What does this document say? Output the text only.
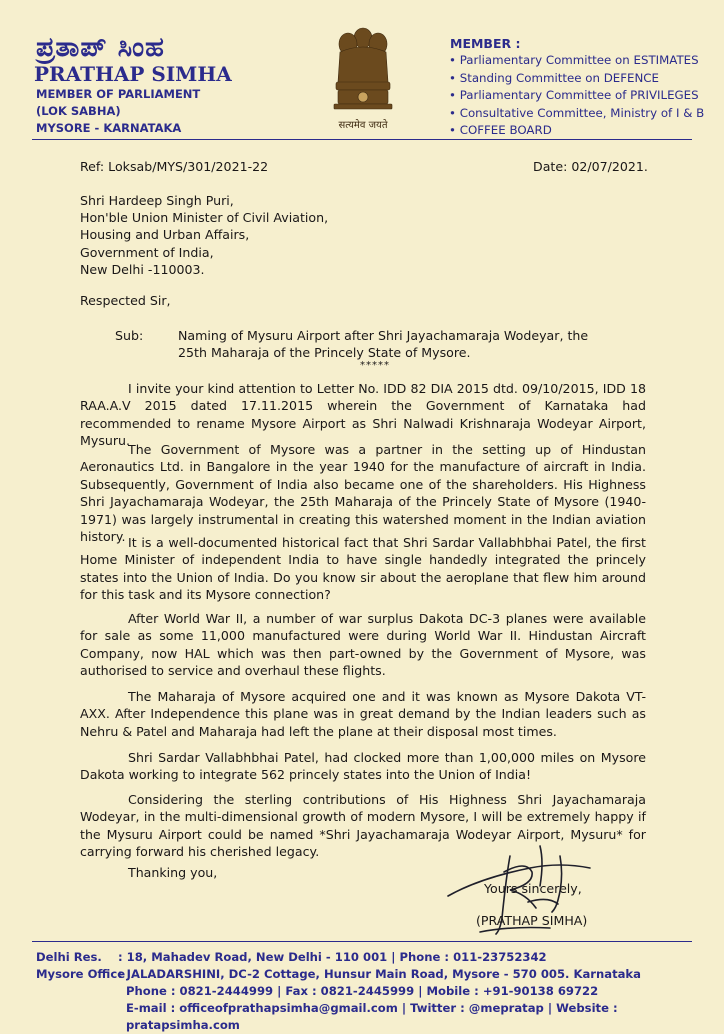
ಪ್ರತಾಪ್ ಸಿಂಹ
PRATHAP SIMHA
MEMBER OF PARLIAMENT
(LOK SABHA)
MYSORE - KARNATAKA	सत्यमेव जयते
MEMBER :
• Parliamentary Committee on ESTIMATES
• Standing Committee on DEFENCE
• Parliamentary Committee of PRIVILEGES
• Consultative Committee, Ministry of I & B
• COFFEE BOARD
Ref: Loksab/MYS/301/2021-22	Date: 02/07/2021.
Shri Hardeep Singh Puri,
Hon'ble Union Minister of Civil Aviation,
Housing and Urban Affairs,
Government of India,
New Delhi -110003.
Respected Sir,
Sub:	Naming of Mysuru Airport after Shri Jayachamaraja Wodeyar, the
25th Maharaja of the Princely State of Mysore.
*****
I invite your kind attention to Letter No. IDD 82 DIA 2015 dtd. 09/10/2015, IDD 18 RAA.A.V 2015 dated 17.11.2015 wherein the Government of Karnataka had recommended to rename Mysore Airport as Shri Nalwadi Krishnaraja Wodeyar Airport, Mysuru.
The Government of Mysore was a partner in the setting up of Hindustan Aeronautics Ltd. in Bangalore in the year 1940 for the manufacture of aircraft in India. Subsequently, Government of India also became one of the shareholders. His Highness Shri Jayachamaraja Wodeyar, the 25th Maharaja of the Princely State of Mysore (1940-1971) was largely instrumental in creating this watershed moment in the Indian aviation history. It is a well-documented historical fact that Shri Sardar Vallabhbhai Patel, the first Home Minister of independent India to have single handedly integrated the princely states into the Union of India. Do you know sir about the aeroplane that flew him around for this task and its Mysore connection?
After World War II, a number of war surplus Dakota DC-3 planes were available for sale as some 11,000 manufactured were during World War II. Hindustan Aircraft Company, now HAL which was then part-owned by the Government of Mysore, was authorised to service and overhaul these flights.
The Maharaja of Mysore acquired one and it was known as Mysore Dakota VT-AXX. After Independence this plane was in great demand by the Indian leaders such as Nehru & Patel and Maharaja had left the plane at their disposal most times.
Shri Sardar Vallabhbhai Patel, had clocked more than 1,00,000 miles on Mysore Dakota working to integrate 562 princely states into the Union of India!
Considering the sterling contributions of His Highness Shri Jayachamaraja Wodeyar, in the multi-dimensional growth of modern Mysore, I will be extremely happy if the Mysuru Airport could be named *Shri Jayachamaraja Wodeyar Airport, Mysuru* for carrying forward his cherished legacy.
Thanking you,
Yours sincerely,
(PRATHAP SIMHA)
Delhi Res. : 18, Mahadev Road, New Delhi - 110 001 | Phone : 011-23752342
Mysore Office
: JALADARSHINI, DC-2 Cottage, Hunsur Main Road, Mysore - 570 005. Karnataka
Phone : 0821-2444999 | Fax : 0821-2445999 | Mobile : +91-90138 69722
E-mail : officeofprathapsimha@gmail.com | Twitter : @mepratap | Website : pratapsimha.com
